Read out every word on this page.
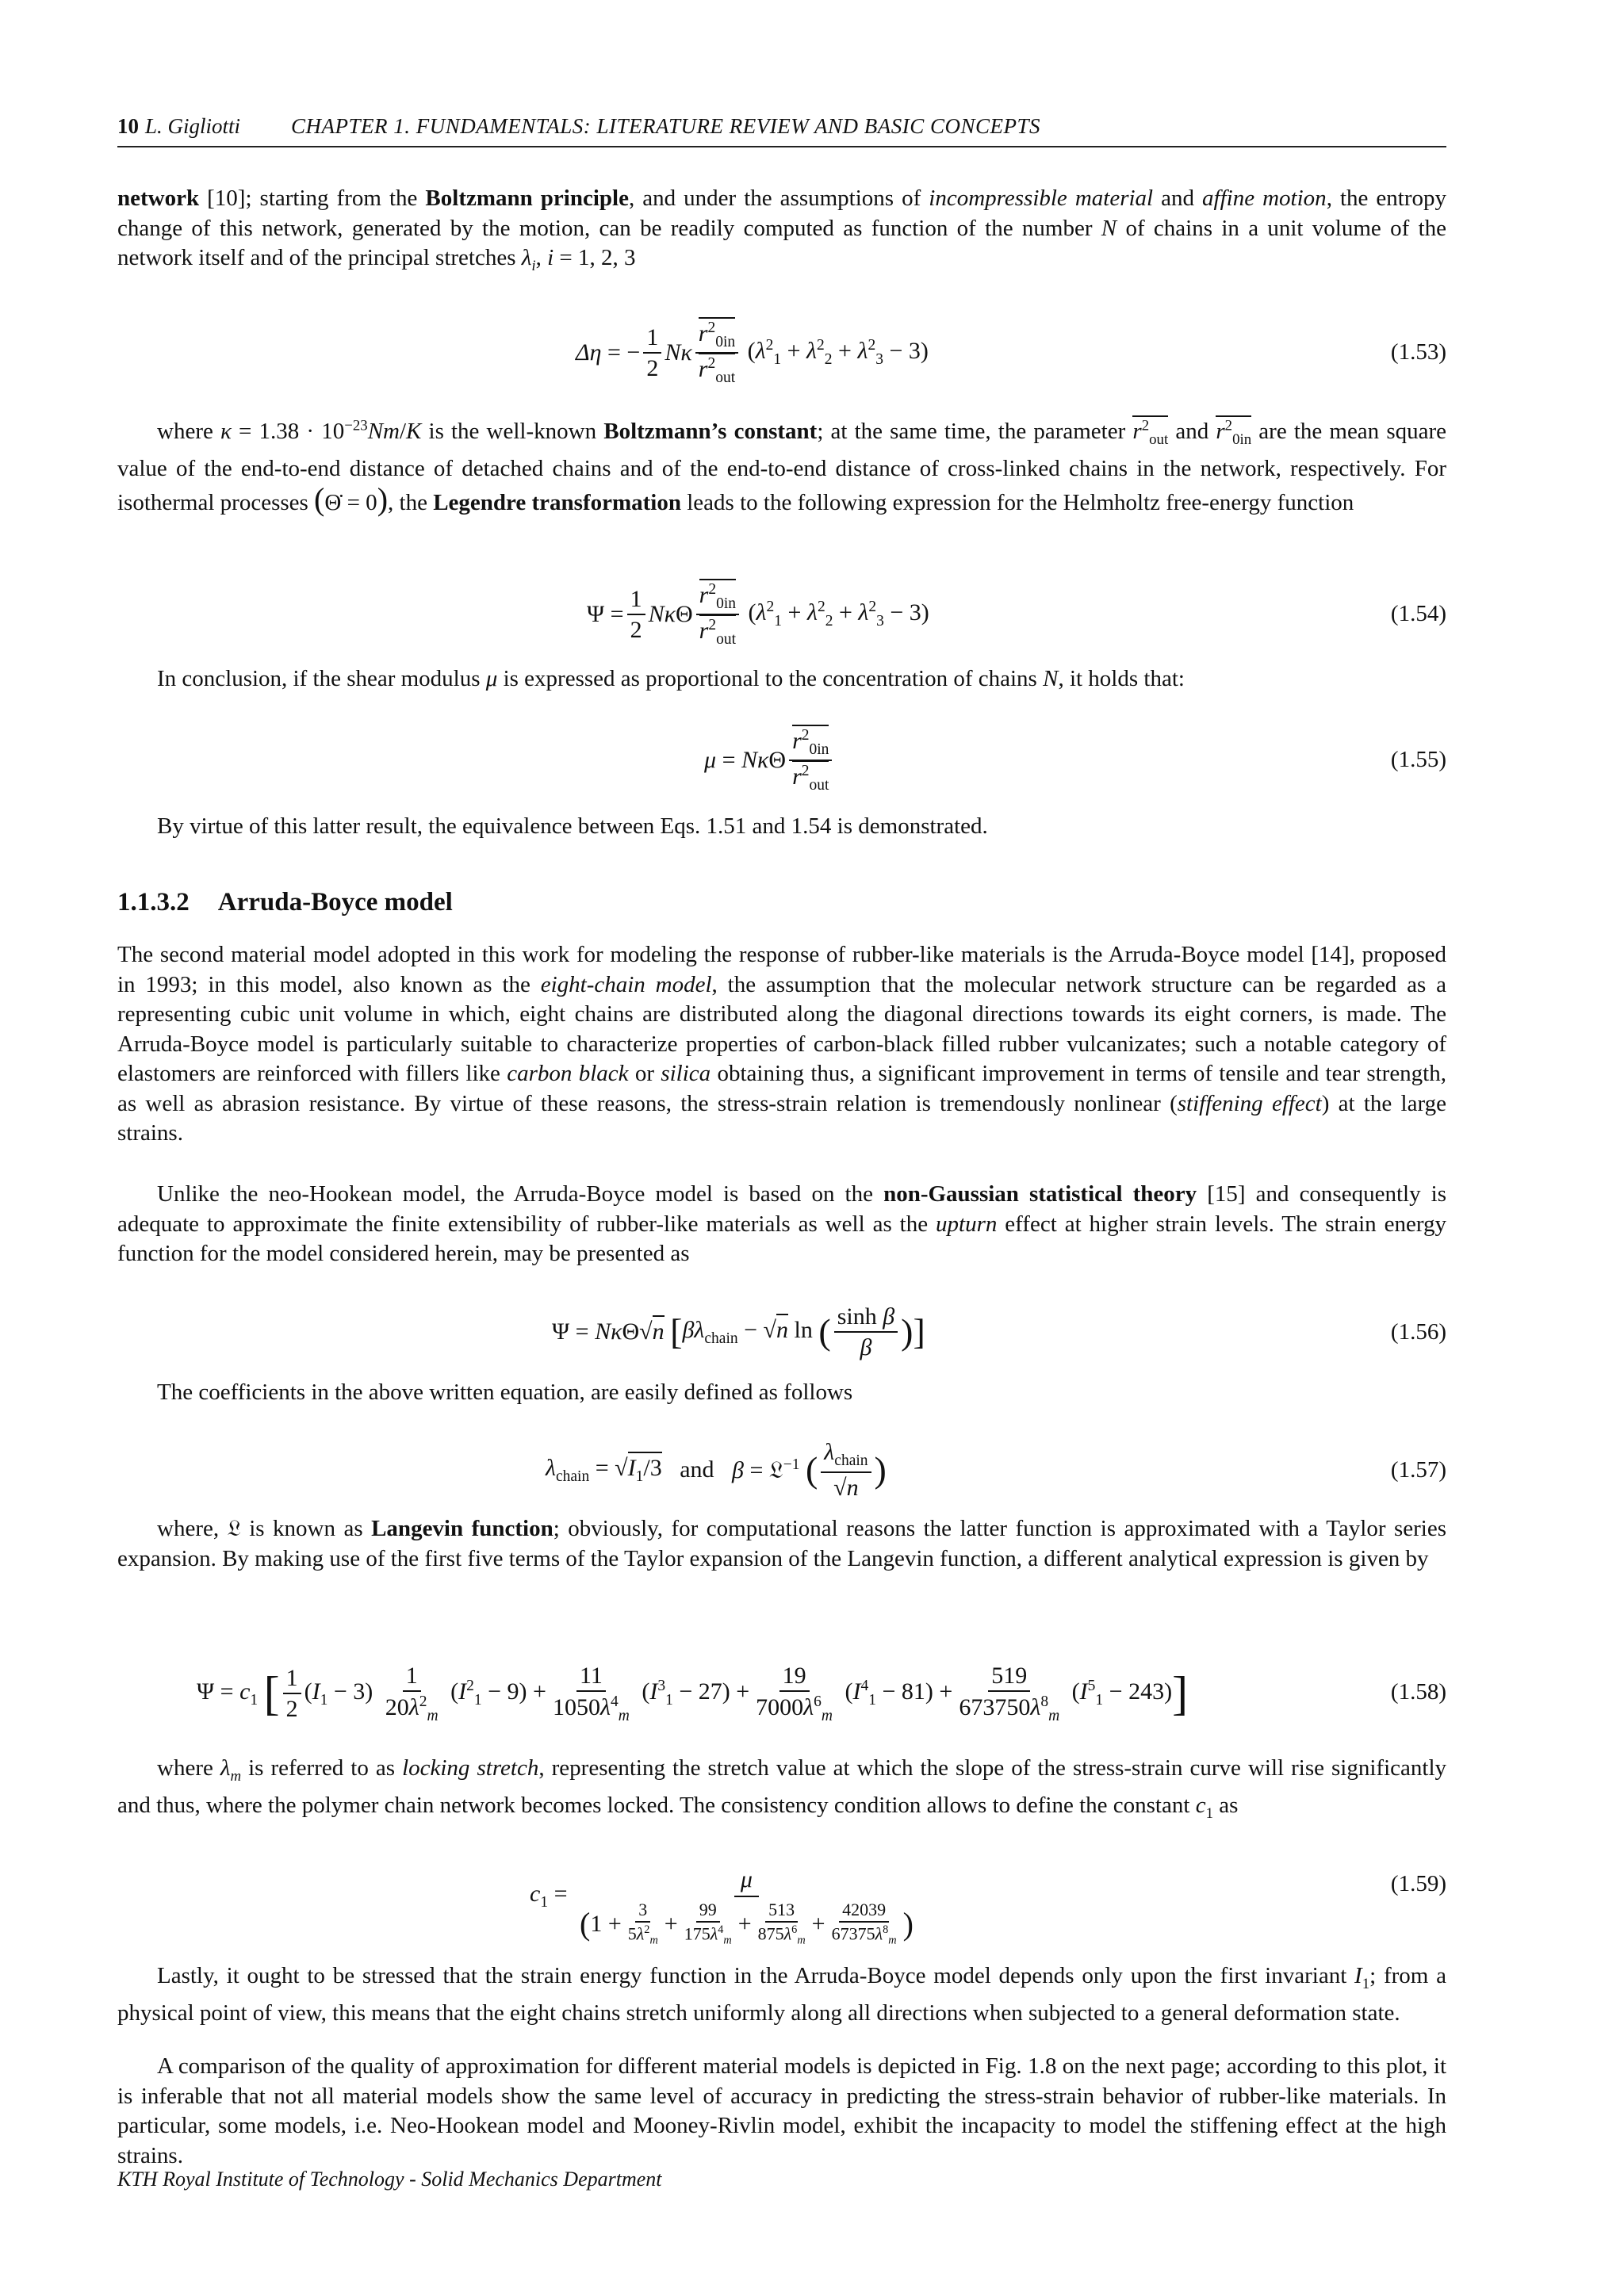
10 L. Gigliotti CHAPTER 1. FUNDAMENTALS: LITERATURE REVIEW AND BASIC CONCEPTS
network [10]; starting from the Boltzmann principle, and under the assumptions of incompressible material and affine motion, the entropy change of this network, generated by the motion, can be readily computed as function of the number N of chains in a unit volume of the network itself and of the principal stretches $\lambda_i$, i = 1, 2, 3
Δη = − $\frac{1}{2}$ Nκ $\frac{r^2_{0in}}{r^2_{out}} (\lambda^2_1 + \lambda^2_2 + \lambda^2_3 - 3)$	(1.53)
where $\kappa = 1.38 \cdot 10^{-23}Nm/K$ is the well-known Boltzmann’s constant; at the same time, the parameter $r^2_{out}$ and $r^2_{0in}$ are the mean square value of the end-to-end distance of detached chains and of the end-to-end distance of cross-linked chains in the network, respectively. For isothermal processes (Θ̇ = 0), the Legendre transformation leads to the following expression for the Helmholtz free-energy function
$\Psi = \frac{1}{2}$ NκΘ $\frac{r^2_{0in}}{r^2_{out}} (\lambda^2_1 + \lambda^2_2 + \lambda^2_3 - 3)$	(1.54)
In conclusion, if the shear modulus μ is expressed as proportional to the concentration of chains N, it holds that:
μ = NκΘ $\frac{r^2_{0in}}{r^2_{out}}$	(1.55)
By virtue of this latter result, the equivalence between Eqs. 1.51 and 1.54 is demonstrated.
1.1.3.2 Arruda-Boyce model
The second material model adopted in this work for modeling the response of rubber-like materials is the Arruda-Boyce model [14], proposed in 1993; in this model, also known as the eight-chain model, the assumption that the molecular network structure can be regarded as a representing cubic unit volume in which, eight chains are distributed along the diagonal directions towards its eight corners, is made. The Arruda-Boyce model is particularly suitable to characterize properties of carbon-black filled rubber vulcanizates; such a notable category of elastomers are reinforced with fillers like carbon black or silica obtaining thus, a significant improvement in terms of tensile and tear strength, as well as abrasion resistance. By virtue of these reasons, the stress-strain relation is tremendously nonlinear (stiffening effect) at the large strains.
Unlike the neo-Hookean model, the Arruda-Boyce model is based on the non-Gaussian statistical theory [15] and consequently is adequate to approximate the finite extensibility of rubber-like materials as well as the upturn effect at higher strain levels. The strain energy function for the model considered herein, may be presented as
Ψ = NκΘ√n [ $\beta\lambda_{chain} - √n$ ln ( $\frac{\text{sinh β}}{\beta}$ )]	(1.56)
The coefficients in the above written equation, are easily defined as follows
$\lambda_{chain} = √I_1/3$ and β = 𝔏$^{-1}$ ( $\frac{\lambda_{chain}}{√n}$ )	(1.57)
where, 𝔏 is known as Langevin function; obviously, for computational reasons the latter function is approximated with a Taylor series expansion. By making use of the first five terms of the Taylor expansion of the Langevin function, a different analytical expression is given by
$\Psi = c_1$ [ $\frac{1}{2} (I_1 - 3) \frac{1}{20\lambda^2_m} (I^2_1 - 9) + \frac{11}{1050\lambda^4_m} (I^3_1 - 27) + \frac{19}{7000\lambda^6_m} (I^4_1 - 81) + \frac{519}{673750\lambda^8_m} (I^5_1 - 243)$ ]	(1.58)
where $\lambda_m$ is referred to as locking stretch, representing the stretch value at which the slope of the stress-strain curve will rise significantly and thus, where the polymer chain network becomes locked. The consistency condition allows to define the constant $c_1$ as
$c_1$ =
μ
( $1 + \frac{3}{5\lambda^2_m} + \frac{99}{175\lambda^4_m} + \frac{513}{875\lambda^6_m} + \frac{42039}{67375\lambda^8_m}$ )
(1.59)
Lastly, it ought to be stressed that the strain energy function in the Arruda-Boyce model depends only upon the first invariant $I_1$; from a physical point of view, this means that the eight chains stretch uniformly along all directions when subjected to a general deformation state.
A comparison of the quality of approximation for different material models is depicted in Fig. 1.8 on the next page; according to this plot, it is inferable that not all material models show the same level of accuracy in predicting the stress-strain behavior of rubber-like materials. In particular, some models, i.e. Neo-Hookean model and Mooney-Rivlin model, exhibit the incapacity to model the stiffening effect at the high strains.
KTH Royal Institute of Technology - Solid Mechanics Department
